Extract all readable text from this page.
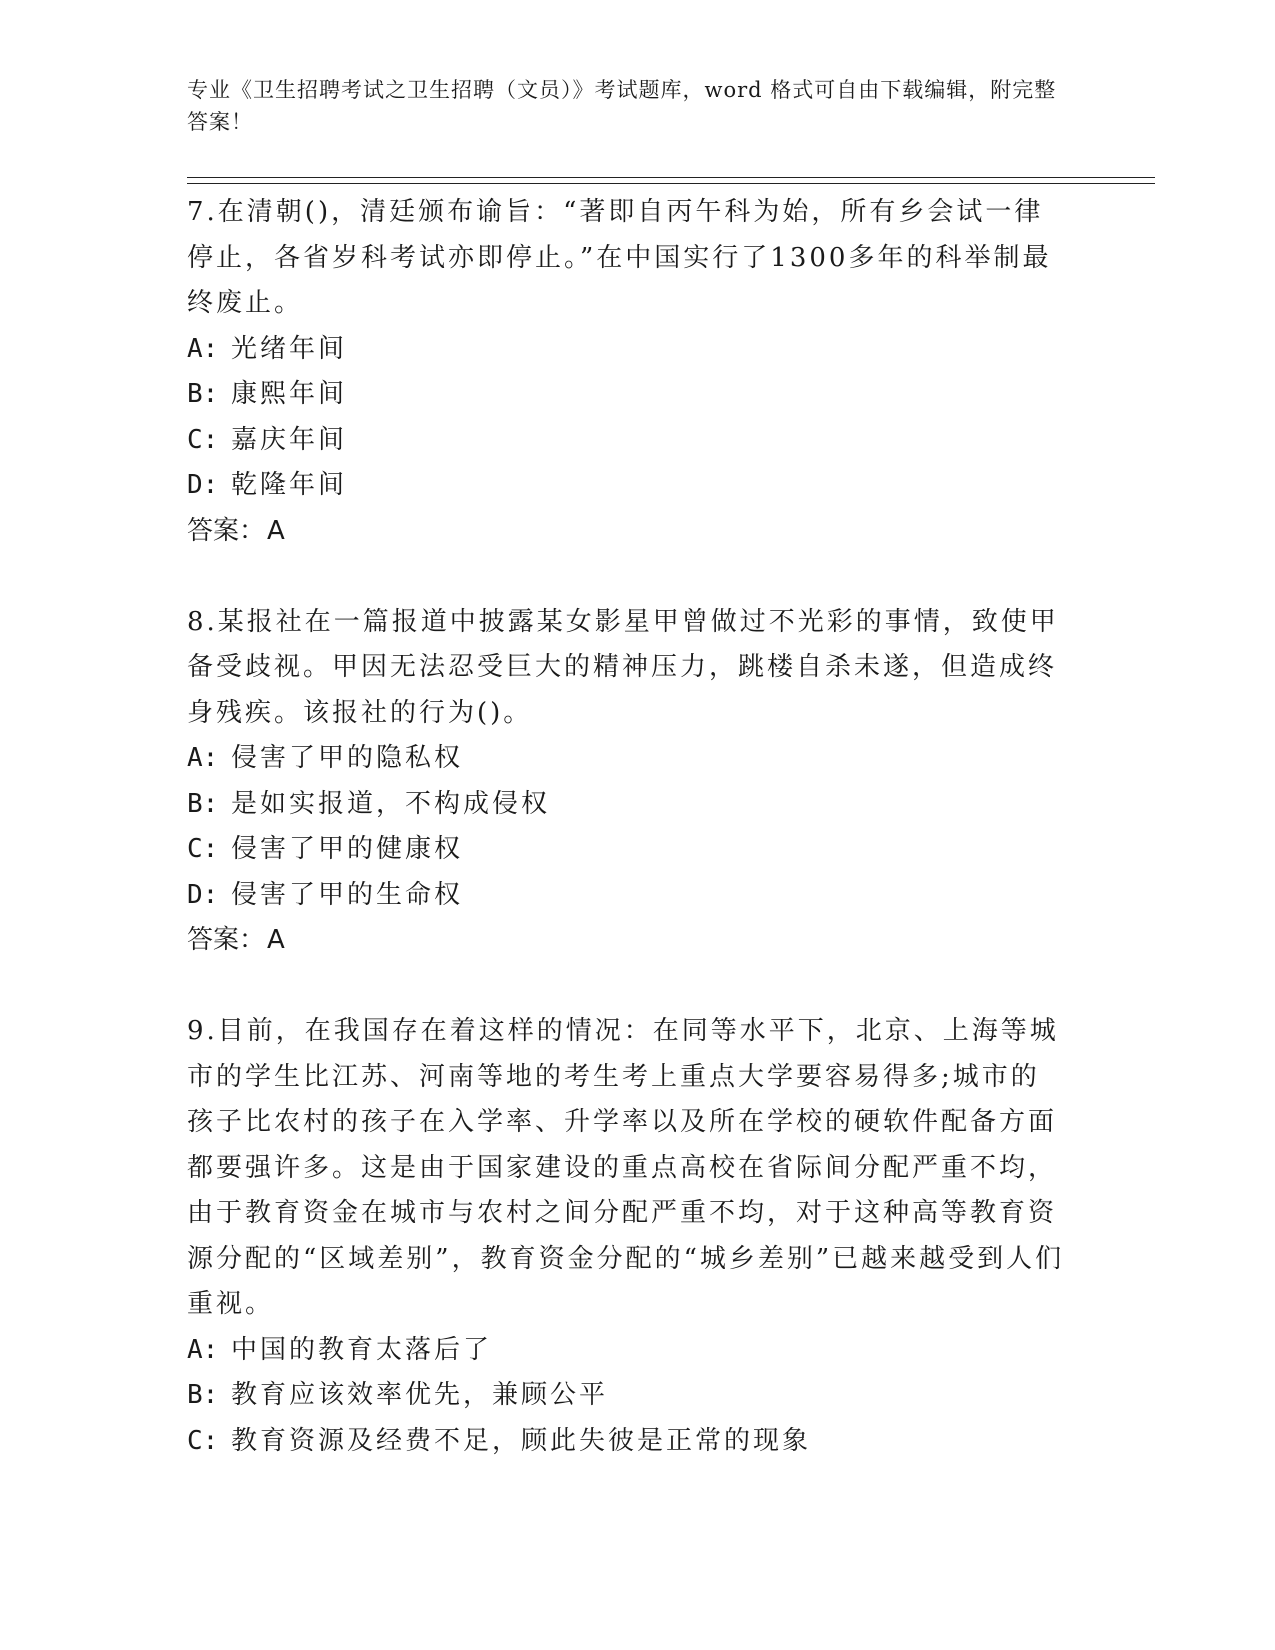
专业《卫生招聘考试之卫生招聘（文员）》考试题库，word 格式可自由下载编辑，附完整答案！

7.在清朝()，清廷颁布谕旨：“著即自丙午科为始，所有乡会试一律停止，各省岁科考试亦即停止。”在中国实行了1300多年的科举制最终废止。

A: 光绪年间

B: 康熙年间

C: 嘉庆年间

D: 乾隆年间

答案：A

8.某报社在一篇报道中披露某女影星甲曾做过不光彩的事情，致使甲备受歧视。甲因无法忍受巨大的精神压力，跳楼自杀未遂，但造成终身残疾。该报社的行为()。

A: 侵害了甲的隐私权

B: 是如实报道，不构成侵权

C: 侵害了甲的健康权

D: 侵害了甲的生命权

答案：A

9.目前，在我国存在着这样的情况：在同等水平下，北京、上海等城市的学生比江苏、河南等地的考生考上重点大学要容易得多;城市的孩子比农村的孩子在入学率、升学率以及所在学校的硬软件配备方面都要强许多。这是由于国家建设的重点高校在省际间分配严重不均，由于教育资金在城市与农村之间分配严重不均，对于这种高等教育资源分配的“区域差别”，教育资金分配的“城乡差别”已越来越受到人们重视。

A: 中国的教育太落后了

B: 教育应该效率优先，兼顾公平

C: 教育资源及经费不足，顾此失彼是正常的现象
